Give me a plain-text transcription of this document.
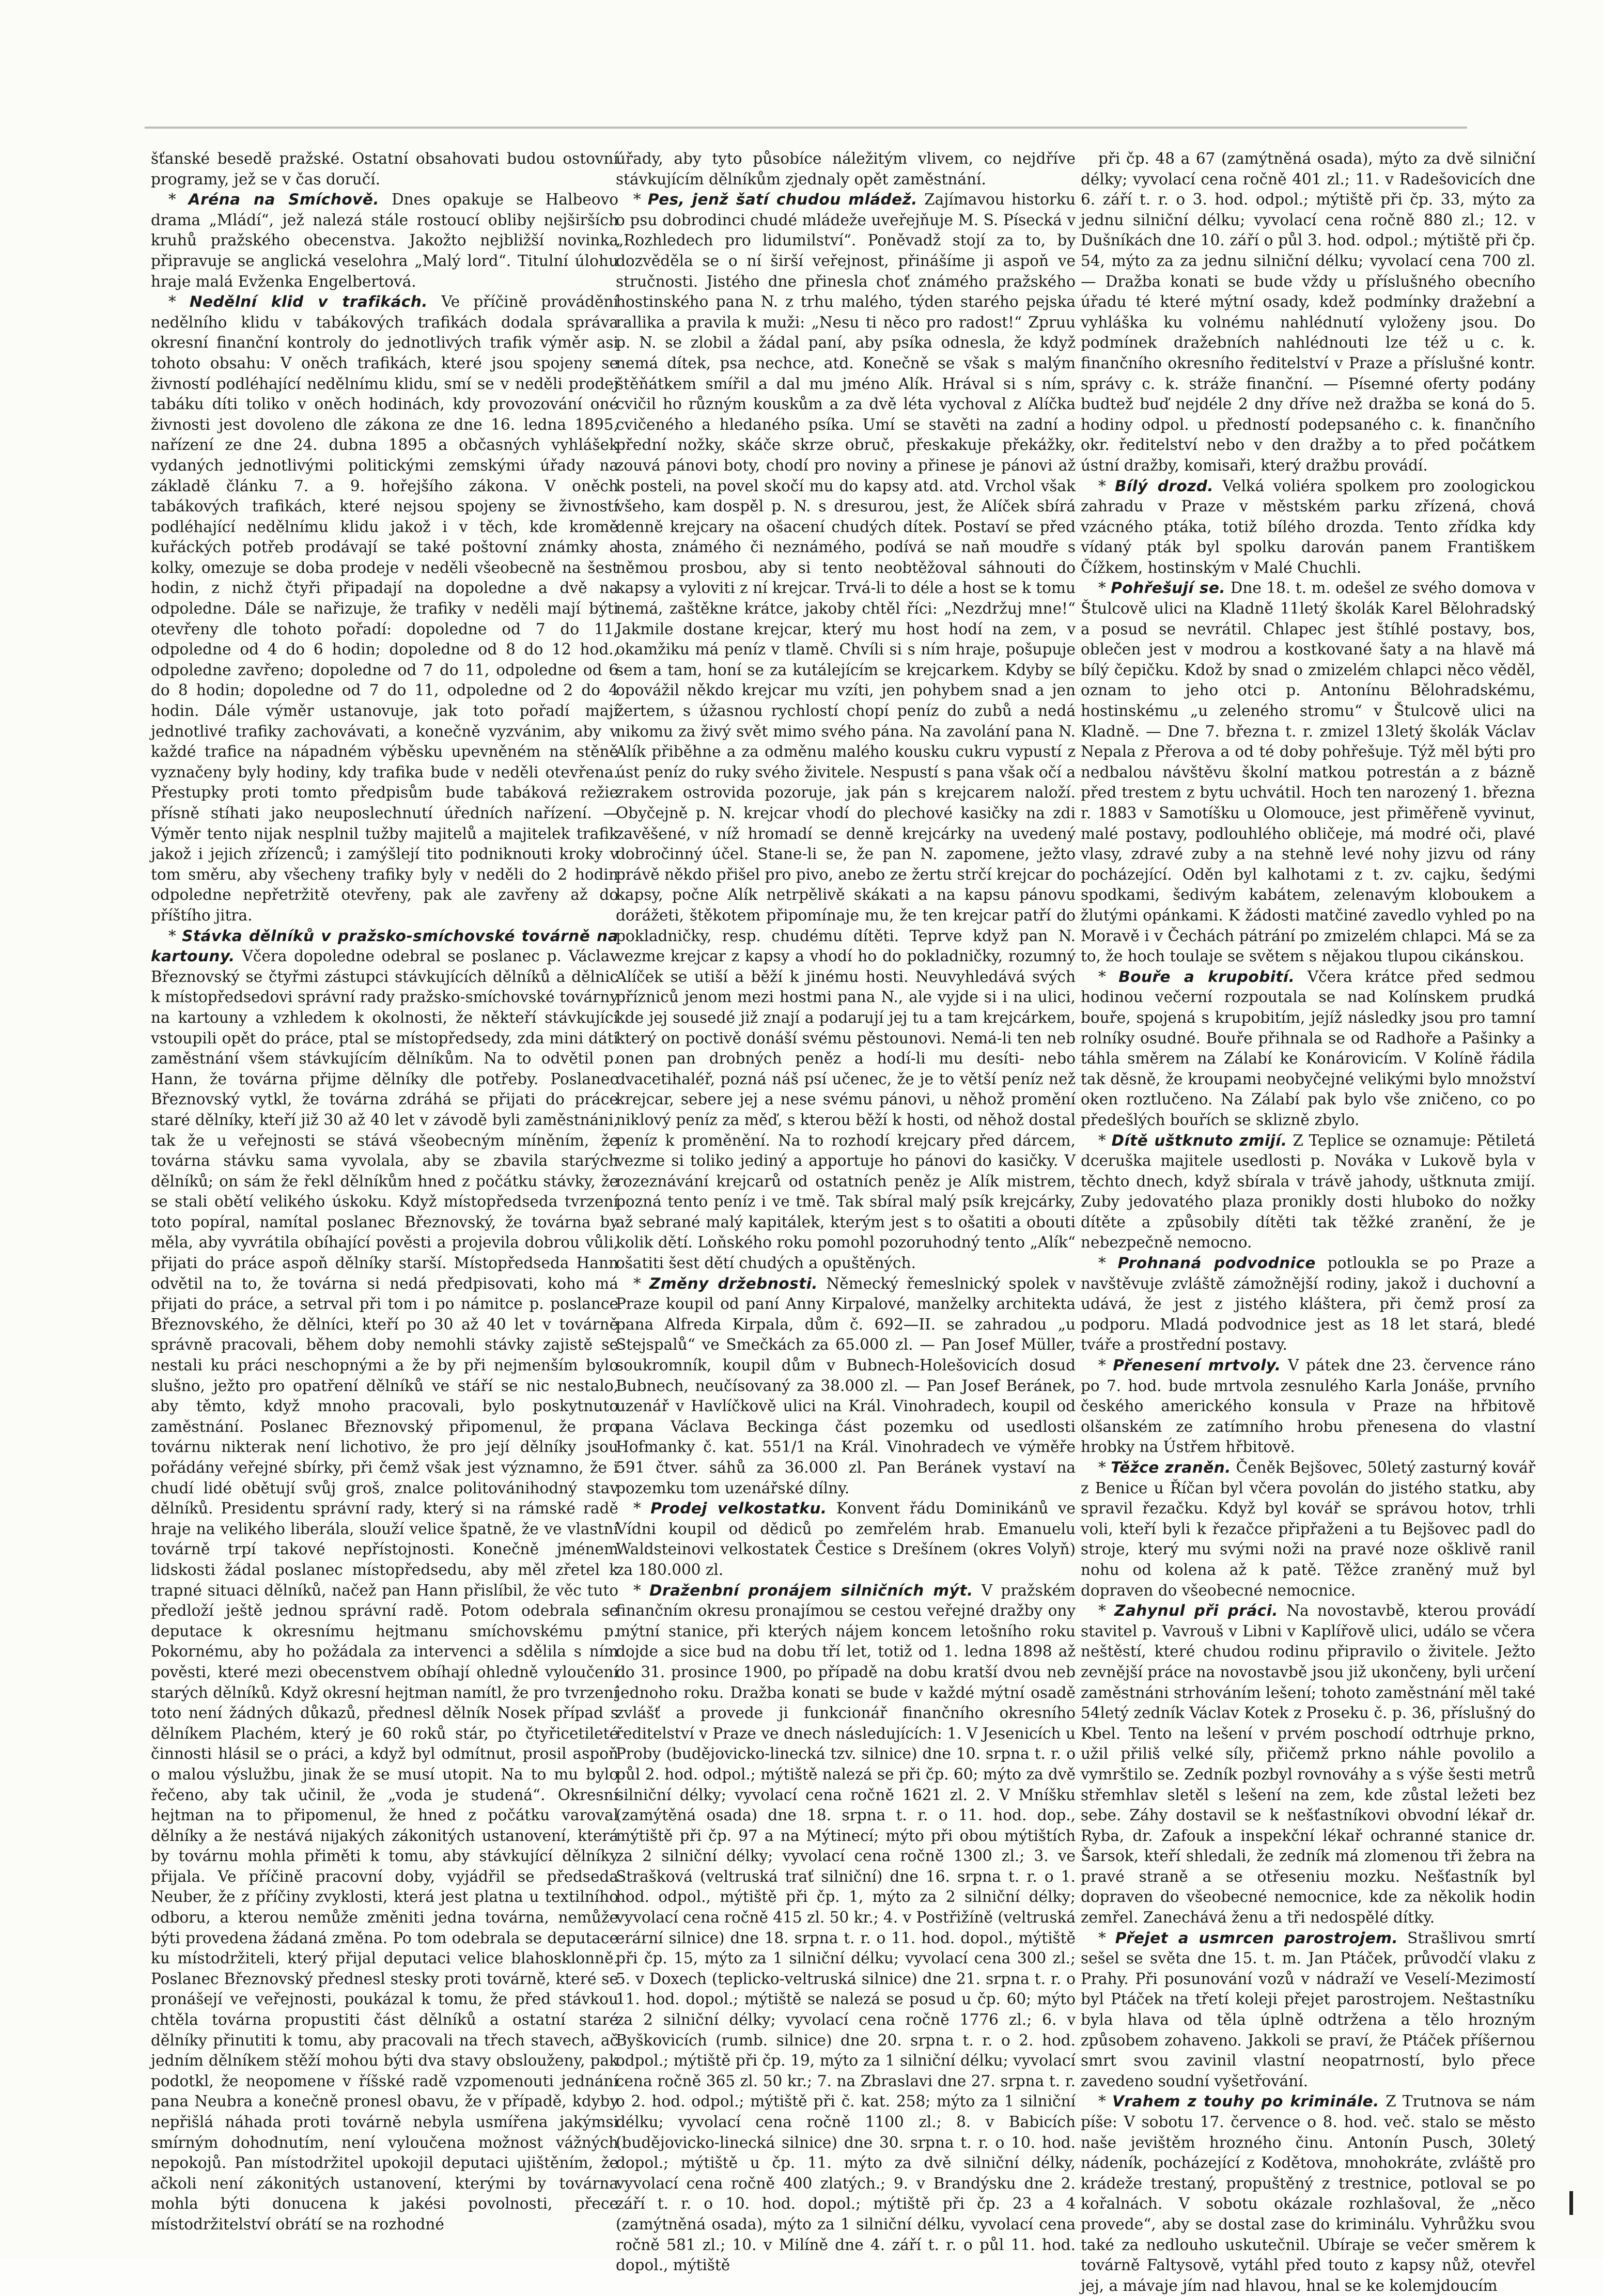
šťanské besedě pražské. Ostatní obsahovati budou ostovní programy, jež se v čas doručí.

* Aréna na Smíchově. Dnes opakuje se Halbeovo drama „Mládí“, jež nalezá stále rostoucí obliby nejširších kruhů pražského obecenstva. Jakožto nejbližší novinka připravuje se anglická veselohra „Malý lord“. Titulní úlohu hraje malá Evženka Engelbertová.

* Nedělní klid v trafikách. Ve příčině provádění nedělního klidu v tabákových trafikách dodala správa okresní finanční kontroly do jednotlivých trafik výměr asi tohoto obsahu: V oněch trafikách, které jsou spojeny se živností podléhající nedělnímu klidu, smí se v neděli prodej tabáku díti toliko v oněch hodinách, kdy provozování oné živnosti jest dovoleno dle zákona ze dne 16. ledna 1895, nařízení ze dne 24. dubna 1895 a občasných vyhlášek vydaných jednotlivými politickými zemskými úřady na základě článku 7. a 9. hořejšího zákona. V oněch tabákových trafikách, které nejsou spojeny se živností podléhající nedělnímu klidu jakož i v těch, kde kromě kuřáckých potřeb prodávají se také poštovní známky a kolky, omezuje se doba prodeje v neděli všeobecně na šest hodin, z nichž čtyři připadají na dopoledne a dvě na odpoledne. Dále se nařizuje, že trafiky v neděli mají býti otevřeny dle tohoto pořadí: dopoledne od 7 do 11, odpoledne od 4 do 6 hodin; dopoledne od 8 do 12 hod., odpoledne zavřeno; dopoledne od 7 do 11, odpoledne od 6 do 8 hodin; dopoledne od 7 do 11, odpoledne od 2 do 4 hodin. Dále výměr ustanovuje, jak toto pořadí mají jednotlivé trafiky zachovávati, a konečně vyzvánim, aby v každé trafice na nápadném výběsku upevněném na stěně vyznačeny byly hodiny, kdy trafika bude v neděli otevřena. Přestupky proti tomto předpisům bude tabáková režie přísně stíhati jako neuposlechnutí úředních nařízení. — Výměr tento nijak nesplnil tužby majitelů a majitelek trafik jakož i jejich zřízenců; i zamýšlejí tito podniknouti kroky v tom směru, aby všecheny trafiky byly v neděli do 2 hodin odpoledne nepřetržitě otevřeny, pak ale zavřeny až do příštího jitra.

* Stávka dělníků v pražsko-smíchovské továrně na kartouny. Včera dopoledne odebral se poslanec p. Václav Březnovský se čtyřmi zástupci stávkujících dělníků a dělnic k místopředsedovi správní rady pražsko-smíchovské továrny na kartouny a vzhledem k okolnosti, že někteří stávkující vstoupili opět do práce, ptal se místopředsedy, zda mini dáti zaměstnání všem stávkujícím dělníkům. Na to odvětil p. Hann, že továrna přijme dělníky dle potřeby. Poslanec Březnovský vytkl, že továrna zdráhá se přijati do práce staré dělníky, kteří již 30 až 40 let v závodě byli zaměstnáni, tak že u veřejnosti se stává všeobecným míněním, že továrna stávku sama vyvolala, aby se zbavila starých dělníků; on sám že řekl dělníkům hned z počátku stávky, že se stali obětí velikého úskoku. Když místopředseda tvrzení toto popíral, namítal poslanec Březnovský, že továrna by měla, aby vyvrátila obíhající pověsti a projevila dobrou vůli, přijati do práce aspoň dělníky starší. Místopředseda Hann odvětil na to, že továrna si nedá předpisovati, koho má přijati do práce, a setrval při tom i po námitce p. poslance Březnovského, že dělníci, kteří po 30 až 40 let v továrně správně pracovali, během doby nemohli stávky zajistě se nestali ku práci neschopnými a že by při nejmenším bylo slušno, ježto pro opatření dělníků ve stáří se nic nestalo, aby těmto, když mnoho pracovali, bylo poskytnuto zaměstnání. Poslanec Březnovský připomenul, že pro továrnu nikterak není lichotivo, že pro její dělníky jsou pořádány veřejné sbírky, při čemž však jest významno, že i chudí lidé obětují svůj groš, znalce politovánihodný stav dělníků. Presidentu správní rady, který si na rámské radě hraje na velikého liberála, slouží velice špatně, že ve vlastní továrně trpí takové nepřístojnosti. Konečně jménem lidskosti žádal poslanec místopředsedu, aby měl zřetel k trapné situaci dělníků, načež pan Hann přislíbil, že věc tuto předloží ještě jednou správní radě. Potom odebrala se deputace k okresnímu hejtmanu smíchovskému p. Pokornému, aby ho požádala za intervenci a sdělila s ním pověsti, které mezi obecenstvem obíhají ohledně vyloučení starých dělníků. Když okresní hejtman namítl, že pro tvrzení toto není žádných důkazů, přednesl dělník Nosek případ s dělníkem Plachém, který je 60 roků stár, po čtyřicetileté činnosti hlásil se o práci, a když byl odmítnut, prosil aspoň o malou výslužbu, jinak že se musí utopit. Na to mu bylo řečeno, aby tak učinil, že „voda je studená“. Okresní hejtman na to připomenul, že hned z počátku varoval dělníky a že nestává nijakých zákonitých ustanovení, která by továrnu mohla přiměti k tomu, aby stávkující dělníky přijala. Ve příčině pracovní doby, vyjádřil se předseda Neuber, že z příčiny zvyklosti, která jest platna u textilního odboru, a kterou nemůže změniti jedna továrna, nemůže býti provedena žádaná změna. Po tom odebrala se deputace ku místodržiteli, který přijal deputaci velice blahosklonně. Poslanec Březnovský přednesl stesky proti továrně, které se pronášejí ve veřejnosti, poukázal k tomu, že před stávkou chtěla továrna propustiti část dělníků a ostatní staré dělníky přinutiti k tomu, aby pracovali na třech stavech, ač jedním dělníkem stěží mohou býti dva stavy obslouženy, pak podotkl, že neopomene v říšské radě vzpomenouti jednání pana Neubra a konečně pronesl obavu, že v případě, kdyby nepřišlá náhada proti továrně nebyla usmířena jakýmsi smírným dohodnutím, není vyloučena možnost vážných nepokojů. Pan místodržitel upokojil deputaci ujištěním, že ačkoli není zákonitých ustanovení, kterými by továrna mohla býti donucena k jakési povolnosti, přece místodržitelství obrátí se na rozhodné

úřady, aby tyto působíce náležitým vlivem, co nejdříve stávkujícím dělníkům zjednaly opět zaměstnání.

* Pes, jenž šatí chudou mládež. Zajímavou historku o psu dobrodinci chudé mládeže uveřejňuje M. S. Písecká v „Rozhledech pro lidumilství“. Poněvadž stojí za to, by dozvěděla se o ní širší veřejnost, přinášíme ji aspoň ve stručnosti. Jistého dne přinesla choť známého pražského hostinského pana N. z trhu malého, týden starého pejska rallika a pravila k muži: „Nesu ti něco pro radost!“ Zpruu p. N. se zlobil a žádal paní, aby psíka odnesla, že když nemá dítek, psa nechce, atd. Konečně se však s malým štěňátkem smířil a dal mu jméno Alík. Hrával si s ním, cvičil ho různým kouskům a za dvě léta vychoval z Alíčka cvičeného a hledaného psíka. Umí se stavěti na zadní a přední nožky, skáče skrze obruč, přeskakuje překážky, zouvá pánovi boty, chodí pro noviny a přinese je pánovi až k posteli, na povel skočí mu do kapsy atd. atd. Vrchol však všeho, kam dospěl p. N. s dresurou, jest, že Alíček sbírá denně krejcary na ošacení chudých dítek. Postaví se před hosta, známého či neznámého, podívá se naň moudře s němou prosbou, aby si tento neobtěžoval sáhnouti do kapsy a vyloviti z ní krejcar. Trvá-li to déle a host se k tomu nemá, zaštěkne krátce, jakoby chtěl říci: „Nezdržuj mne!“ Jakmile dostane krejcar, který mu host hodí na zem, v okamžiku má peníz v tlamě. Chvíli si s ním hraje, pošupuje sem a tam, honí se za kutálejícím se krejcarkem. Kdyby se opovážil někdo krejcar mu vzíti, jen pohybem snad a jen žertem, s úžasnou rychlostí chopí peníz do zubů a nedá nikomu za živý svět mimo svého pána. Na zavolání pana N. Alík přiběhne a za odměnu malého kousku cukru vypustí z úst peníz do ruky svého živitele. Nespustí s pana však očí a zrakem ostrovida pozoruje, jak pán s krejcarem naloží. Obyčejně p. N. krejcar vhodí do plechové kasičky na zdi zavěšené, v níž hromadí se denně krejcárky na uvedený dobročinný účel. Stane-li se, že pan N. zapomene, ježto právě někdo přišel pro pivo, anebo ze žertu strčí krejcar do kapsy, počne Alík netrpělivě skákati a na kapsu pánovu dorážeti, štěkotem připomínaje mu, že ten krejcar patří do pokladničky, resp. chudému dítěti. Teprve když pan N. vezme krejcar z kapsy a vhodí ho do pokladničky, rozumný Alíček se utiší a běží k jinému hosti. Neuvyhledává svých přízniců jenom mezi hostmi pana N., ale vyjde si i na ulici, kde jej sousedé již znají a podarují jej tu a tam krejcárkem, který on poctivě donáší svému pěstounovi. Nemá-li ten neb onen pan drobných peněz a hodí-li mu desíti- nebo dvacetihaléř, pozná náš psí učenec, že je to větší peníz než krejcar, sebere jej a nese svému pánovi, u něhož promění niklový peníz za měď, s kterou běží k hosti, od něhož dostal peníz k proměnění. Na to rozhodí krejcary před dárcem, vezme si toliko jediný a apportuje ho pánovi do kasičky. V rozeznávání krejcarů od ostatních peněz je Alík mistrem, pozná tento peníz i ve tmě. Tak sbíral malý psík krejcárky, až sebrané malý kapitálek, kterým jest s to ošatiti a obouti kolik dětí. Loňského roku pomohl pozoruhodný tento „Alík“ ošatiti šest dětí chudých a opuštěných.

* Změny držebnosti. Německý řemeslnický spolek v Praze koupil od paní Anny Kirpalové, manželky architekta pana Alfreda Kirpala, dům č. 692—II. se zahradou „u Stejspalů“ ve Smečkách za 65.000 zl. — Pan Josef Müller, soukromník, koupil dům v Bubnech-Holešovicích dosud Bubnech, neučísovaný za 38.000 zl. — Pan Josef Beránek, uzenář v Havlíčkově ulici na Král. Vinohradech, koupil od pana Václava Beckinga část pozemku od usedlosti Hofmanky č. kat. 551/1 na Král. Vinohradech ve výměře 591 čtver. sáhů za 36.000 zl. Pan Beránek vystaví na pozemku tom uzenářské dílny.

* Prodej velkostatku. Konvent řádu Dominikánů ve Vídni koupil od dědiců po zemřelém hrab. Emanuelu Waldsteinovi velkostatek Čestice s Drešínem (okres Volyň) za 180.000 zl.

* Draženbní pronájem silničních mýt. V pražském finančním okresu pronajímou se cestou veřejné dražby ony mýtní stanice, při kterých nájem koncem letošního roku dojde a sice bud na dobu tří let, totiž od 1. ledna 1898 až do 31. prosince 1900, po případě na dobu kratší dvou neb jednoho roku. Dražba konati se bude v každé mýtní osadě zvlášť a provede ji funkcionář finančního okresního ředitelství v Praze ve dnech následujících: 1. V Jesenicích u Proby (budějovicko-linecká tzv. silnice) dne 10. srpna t. r. o půl 2. hod. odpol.; mýtiště nalezá se při čp. 60; mýto za dvě silniční délky; vyvolací cena ročně 1621 zl. 2. V Mníšku (zamýtěná osada) dne 18. srpna t. r. o 11. hod. dop., mýtiště při čp. 97 a na Mýtinecí; mýto při obou mýtištích za 2 silniční délky; vyvolací cena ročně 1300 zl.; 3. ve Strašková (veltruská trať silniční) dne 16. srpna t. r. o 1. hod. odpol., mýtiště při čp. 1, mýto za 2 silniční délky; vyvolací cena ročně 415 zl. 50 kr.; 4. v Postřižíně (veltruská erární silnice) dne 18. srpna t. r. o 11. hod. dopol., mýtiště při čp. 15, mýto za 1 silniční délku; vyvolací cena 300 zl.; 5. v Doxech (teplicko-veltruská silnice) dne 21. srpna t. r. o 11. hod. dopol.; mýtiště se nalezá se posud u čp. 60; mýto za 2 silniční délky; vyvolací cena ročně 1776 zl.; 6. v Byškovicích (rumb. silnice) dne 20. srpna t. r. o 2. hod. odpol.; mýtiště při čp. 19, mýto za 1 silniční délku; vyvolací cena ročně 365 zl. 50 kr.; 7. na Zbraslavi dne 27. srpna t. r. o 2. hod. odpol.; mýtiště při č. kat. 258; mýto za 1 silniční délku; vyvolací cena ročně 1100 zl.; 8. v Babicích (budějovicko-linecká silnice) dne 30. srpna t. r. o 10. hod. dopol.; mýtiště u čp. 11. mýto za dvě silniční délky, vyvolací cena ročně 400 zlatých.; 9. v Brandýsku dne 2. září t. r. o 10. hod. dopol.; mýtiště při čp. 23 a 4 (zamýtněná osada), mýto za 1 silniční délku, vyvolací cena ročně 581 zl.; 10. v Milíně dne 4. září t. r. o půl 11. hod. dopol., mýtiště

při čp. 48 a 67 (zamýtněná osada), mýto za dvě silniční délky; vyvolací cena ročně 401 zl.; 11. v Radešovicích dne 6. září t. r. o 3. hod. odpol.; mýtiště při čp. 33, mýto za jednu silniční délku; vyvolací cena ročně 880 zl.; 12. v Dušníkách dne 10. září o půl 3. hod. odpol.; mýtiště při čp. 54, mýto za za jednu silniční délku; vyvolací cena 700 zl. — Dražba konati se bude vždy u příslušného obecního úřadu té které mýtní osady, kdež podmínky dražební a vyhláška ku volnému nahlédnutí vyloženy jsou. Do podmínek dražebních nahlédnouti lze též u c. k. finančního okresního ředitelství v Praze a příslušné kontr. správy c. k. stráže finanční. — Písemné oferty podány budtež buď nejdéle 2 dny dříve než dražba se koná do 5. hodiny odpol. u předností podepsaného c. k. finančního okr. ředitelství nebo v den dražby a to před počátkem ústní dražby, komisaři, který dražbu provádí.

* Bílý drozd. Velká voliéra spolkem pro zoologickou zahradu v Praze v městském parku zřízená, chová vzácného ptáka, totiž bílého drozda. Tento zřídka kdy vídaný pták byl spolku darován panem Františkem Čížkem, hostinským v Malé Chuchli.

* Pohřešují se. Dne 18. t. m. odešel ze svého domova v Štulcově ulici na Kladně 11letý školák Karel Bělohradský a posud se nevrátil. Chlapec jest štíhlé postavy, bos, oblečen jest v modrou a kostkované šaty a na hlavě má bílý čepičku. Kdož by snad o zmizelém chlapci něco věděl, oznam to jeho otci p. Antonínu Bělohradskému, hostinskému „u zeleného stromu“ v Štulcově ulici na Kladně. — Dne 7. března t. r. zmizel 13letý školák Václav Nepala z Přerova a od té doby pohřešuje. Týž měl býti pro nedbalou návštěvu školní matkou potrestán a z bázně před trestem z bytu uchvátil. Hoch ten narozený 1. března r. 1883 v Samotíšku u Olomouce, jest přiměřeně vyvinut, malé postavy, podlouhlého obličeje, má modré oči, plavé vlasy, zdravé zuby a na stehně levé nohy jizvu od rány pocházející. Oděn byl kalhotami z t. zv. cajku, šedými spodkami, šedivým kabátem, zelenavým kloboukem a žlutými opánkami. K žádosti matčiné zavedlo vyhled po na Moravě i v Čechách pátrání po zmizelém chlapci. Má se za to, že hoch toulaje se světem s nějakou tlupou cikánskou.

* Bouře a krupobití. Včera krátce před sedmou hodinou večerní rozpoutala se nad Kolínskem prudká bouře, spojená s krupobitím, jejíž následky jsou pro tamní rolníky osudné. Bouře přihnala se od Radhoře a Pašinky a táhla směrem na Zálabí ke Konárovicím. V Kolíně řádila tak děsně, že kroupami neobyčejné velikými bylo množství oken roztlučeno. Na Zálabí pak bylo vše zničeno, co po předešlých bouřích se sklizně zbylo.

* Dítě uštknuto zmijí. Z Teplice se oznamuje: Pětiletá dceruška majitele usedlosti p. Nováka v Lukově byla v těchto dnech, když sbírala v trávě jahody, uštknuta zmijí. Zuby jedovatého plaza pronikly dosti hluboko do nožky dítěte a způsobily dítěti tak těžké zranění, že je nebezpečně nemocno.

* Prohnaná podvodnice potloukla se po Praze a navštěvuje zvláště zámožnější rodiny, jakož i duchovní a udává, že jest z jistého kláštera, při čemž prosí za podporu. Mladá podvodnice jest as 18 let stará, bledé tváře a prostřední postavy.

* Přenesení mrtvoly. V pátek dne 23. července ráno po 7. hod. bude mrtvola zesnulého Karla Jonáše, prvního českého amerického konsula v Praze na hřbitově olšanském ze zatímního hrobu přenesena do vlastní hrobky na Ústřem hřbitově.

* Těžce zraněn. Čeněk Bejšovec, 50letý zasturný kovář z Benice u Říčan byl včera povolán do jistého statku, aby spravil řezačku. Když byl kovář se správou hotov, trhli voli, kteří byli k řezačce připřaženi a tu Bejšovec padl do stroje, který mu svými noži na pravé noze ošklivě ranil nohu od kolena až k patě. Těžce zraněný muž byl dopraven do všeobecné nemocnice.

* Zahynul při práci. Na novostavbě, kterou provádí stavitel p. Vavrouš v Libni v Kaplířově ulici, událo se včera neštěstí, které chudou rodinu připravilo o živitele. Ježto zevnější práce na novostavbě jsou již ukončeny, byli určení zaměstnáni strhováním lešení; tohoto zaměstnání měl také 54letý zedník Václav Kotek z Proseku č. p. 36, příslušný do Kbel. Tento na lešení v prvém poschodí odtrhuje prkno, užil přiliš velké síly, přičemž prkno náhle povolilo a vymrštilo se. Zedník pozbyl rovnováhy a s výše šesti metrů střemhlav sletěl s lešení na zem, kde zůstal ležeti bez sebe. Záhy dostavil se k nešťastníkovi obvodní lékař dr. Ryba, dr. Zafouk a inspekční lékař ochranné stanice dr. Šarsok, kteří shledali, že zedník má zlomenou tři žebra na pravé straně a se otřeseniu mozku. Nešťastník byl dopraven do všeobecné nemocnice, kde za několik hodin zemřel. Zanechává ženu a tři nedospělé dítky.

* Přejet a usmrcen parostrojem. Strašlivou smrtí sešel se světa dne 15. t. m. Jan Ptáček, průvodčí vlaku z Prahy. Při posunování vozů v nádraží ve Veselí-Mezimostí byl Ptáček na třetí koleji přejet parostrojem. Neštastníku byla hlava od těla úplně odtržena a tělo hrozným způsobem zohaveno. Jakkoli se praví, že Ptáček příšernou smrt svou zavinil vlastní neopatrností, bylo přece zavedeno soudní vyšetřování.

* Vrahem z touhy po kriminále. Z Trutnova se nám píše: V sobotu 17. července o 8. hod. več. stalo se město naše jevištěm hrozného činu. Antonín Pusch, 30letý nádeník, pocházející z Kodětova, mnohokráte, zvláště pro krádeže trestaný, propuštěný z trestnice, potloval se po kořalnách. V sobotu okázale rozhlašoval, že „něco provede“, aby se dostal zase do kriminálu. Vyhrůžku svou také za nedlouho uskutečnil. Ubíraje se večer směrem k továrně Faltysově, vytáhl před touto z kapsy nůž, otevřel jej, a mávaje jím nad hlavou, hnal se ke kolemjdoucím
